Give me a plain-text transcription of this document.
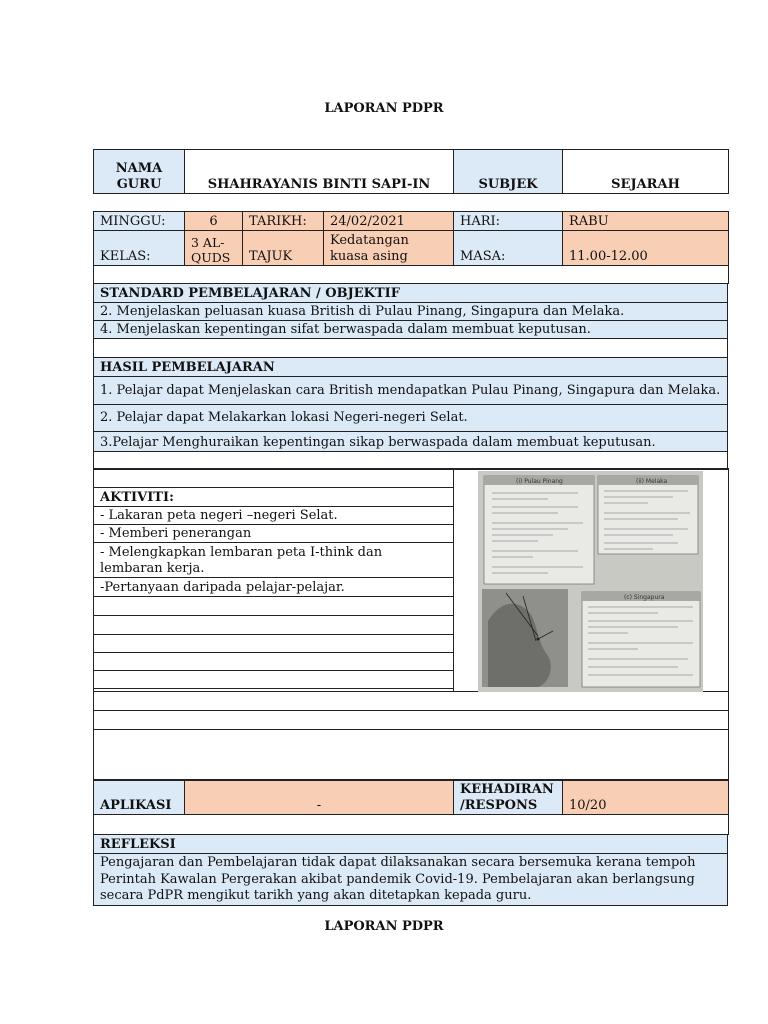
LAPORAN PDPR
NAMA GURU	SHAHRAYANIS BINTI SAPI-IN	SUBJEK	SEJARAH
MINGGU:	6	TARIKH:	24/02/2021	HARI:	RABU
KELAS:	3 AL-QUDS	TAJUK	Kedatangan kuasa asing	MASA:	11.00-12.00

STANDARD PEMBELAJARAN / OBJEKTIF
2. Menjelaskan peluasan kuasa British di Pulau Pinang, Singapura dan Melaka.
4. Menjelaskan kepentingan sifat berwaspada dalam membuat keputusan.

HASIL PEMBELAJARAN
1. Pelajar dapat Menjelaskan cara British mendapatkan Pulau Pinang, Singapura dan Melaka.
2. Pelajar dapat Melakarkan lokasi Negeri-negeri Selat.
3.Pelajar Menghuraikan kepentingan sikap berwaspada dalam membuat keputusan.

AKTIVITI:
- Lakaran peta negeri –negeri Selat.
- Memberi penerangan
- Melengkapkan lembaran peta I-think dan lembaran kerja.
-Pertanyaan daripada pelajar-pelajar.

(i) Pulau Pinang	(ii) Melaka
(c) Singapura
APLIKASI	-	KEHADIRAN /RESPONS	10/20

REFLEKSI
Pengajaran dan Pembelajaran tidak dapat dilaksanakan secara bersemuka kerana tempoh Perintah Kawalan Pergerakan akibat pandemik Covid-19. Pembelajaran akan berlangsung secara PdPR mengikut tarikh yang akan ditetapkan kepada guru.
LAPORAN PDPR
